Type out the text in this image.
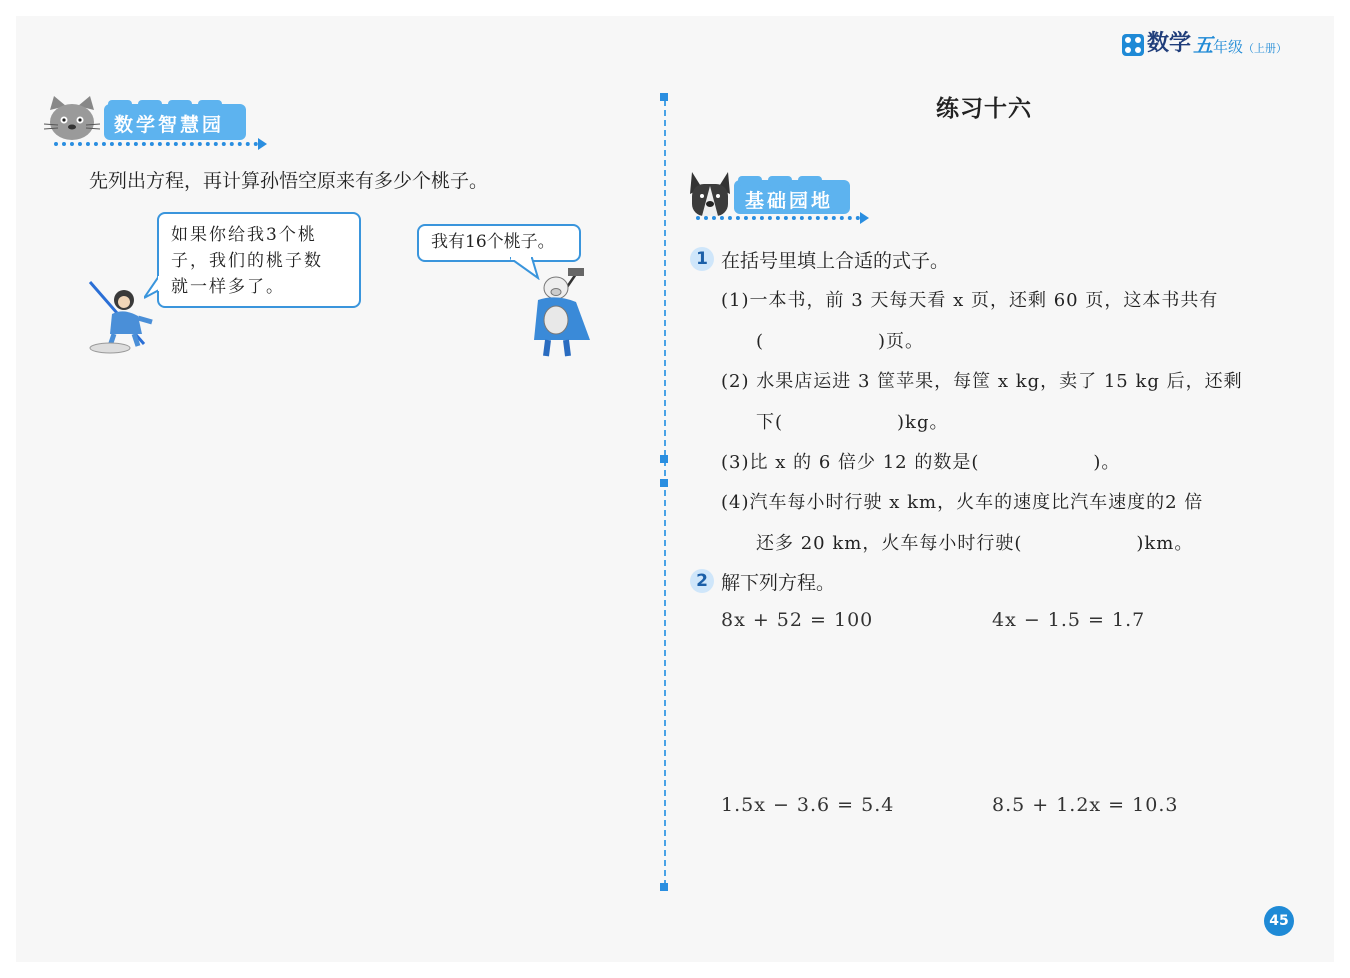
数学 五 年级 （上册）
数学智慧园
先列出方程，再计算孙悟空原来有多少个桃子。
如果你给我3个桃
子，我们的桃子数
就一样多了。
我有16个桃子。
练习十六
基础园地
1 在括号里填上合适的式子。
(1)一本书，前 3 天每天看 x 页，还剩 60 页，这本书共有
(　　　　　　)页。
(2) 水果店运进 3 筐苹果，每筐 x kg，卖了 15 kg 后，还剩
下(　　　　　　)kg。
(3)比 x 的 6 倍少 12 的数是(　　　　　　)。
(4)汽车每小时行驶 x km，火车的速度比汽车速度的2 倍
还多 20 km，火车每小时行驶(　　　　　　)km。
2 解下列方程。
8x + 52 = 100	4x − 1.5 = 1.7
1.5x − 3.6 = 5.4	8.5 + 1.2x = 10.3
45
